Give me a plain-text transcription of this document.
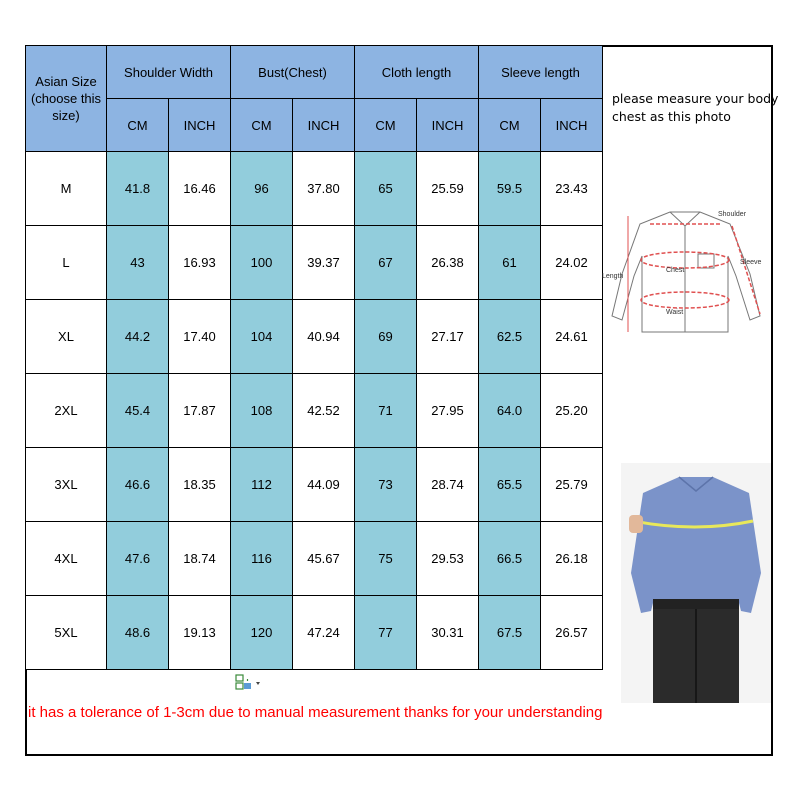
Asian Size (choose this size)	Shoulder Width		Bust(Chest)		Cloth length		Sleeve length	
	CM	INCH	CM	INCH	CM	INCH	CM	INCH
M	41.8	16.46	96	37.80	65	25.59	59.5	23.43
L	43	16.93	100	39.37	67	26.38	61	24.02
XL	44.2	17.40	104	40.94	69	27.17	62.5	24.61
2XL	45.4	17.87	108	42.52	71	27.95	64.0	25.20
3XL	46.6	18.35	112	44.09	73	28.74	65.5	25.79
4XL	47.6	18.74	116	45.67	75	29.53	66.5	26.18
5XL	48.6	19.13	120	47.24	77	30.31	67.5	26.57
please measure your body chest as this photo
Shoulder
Sleeve
Length
Chest
Waist
it has a tolerance of 1-3cm due to manual measurement thanks for your understanding
